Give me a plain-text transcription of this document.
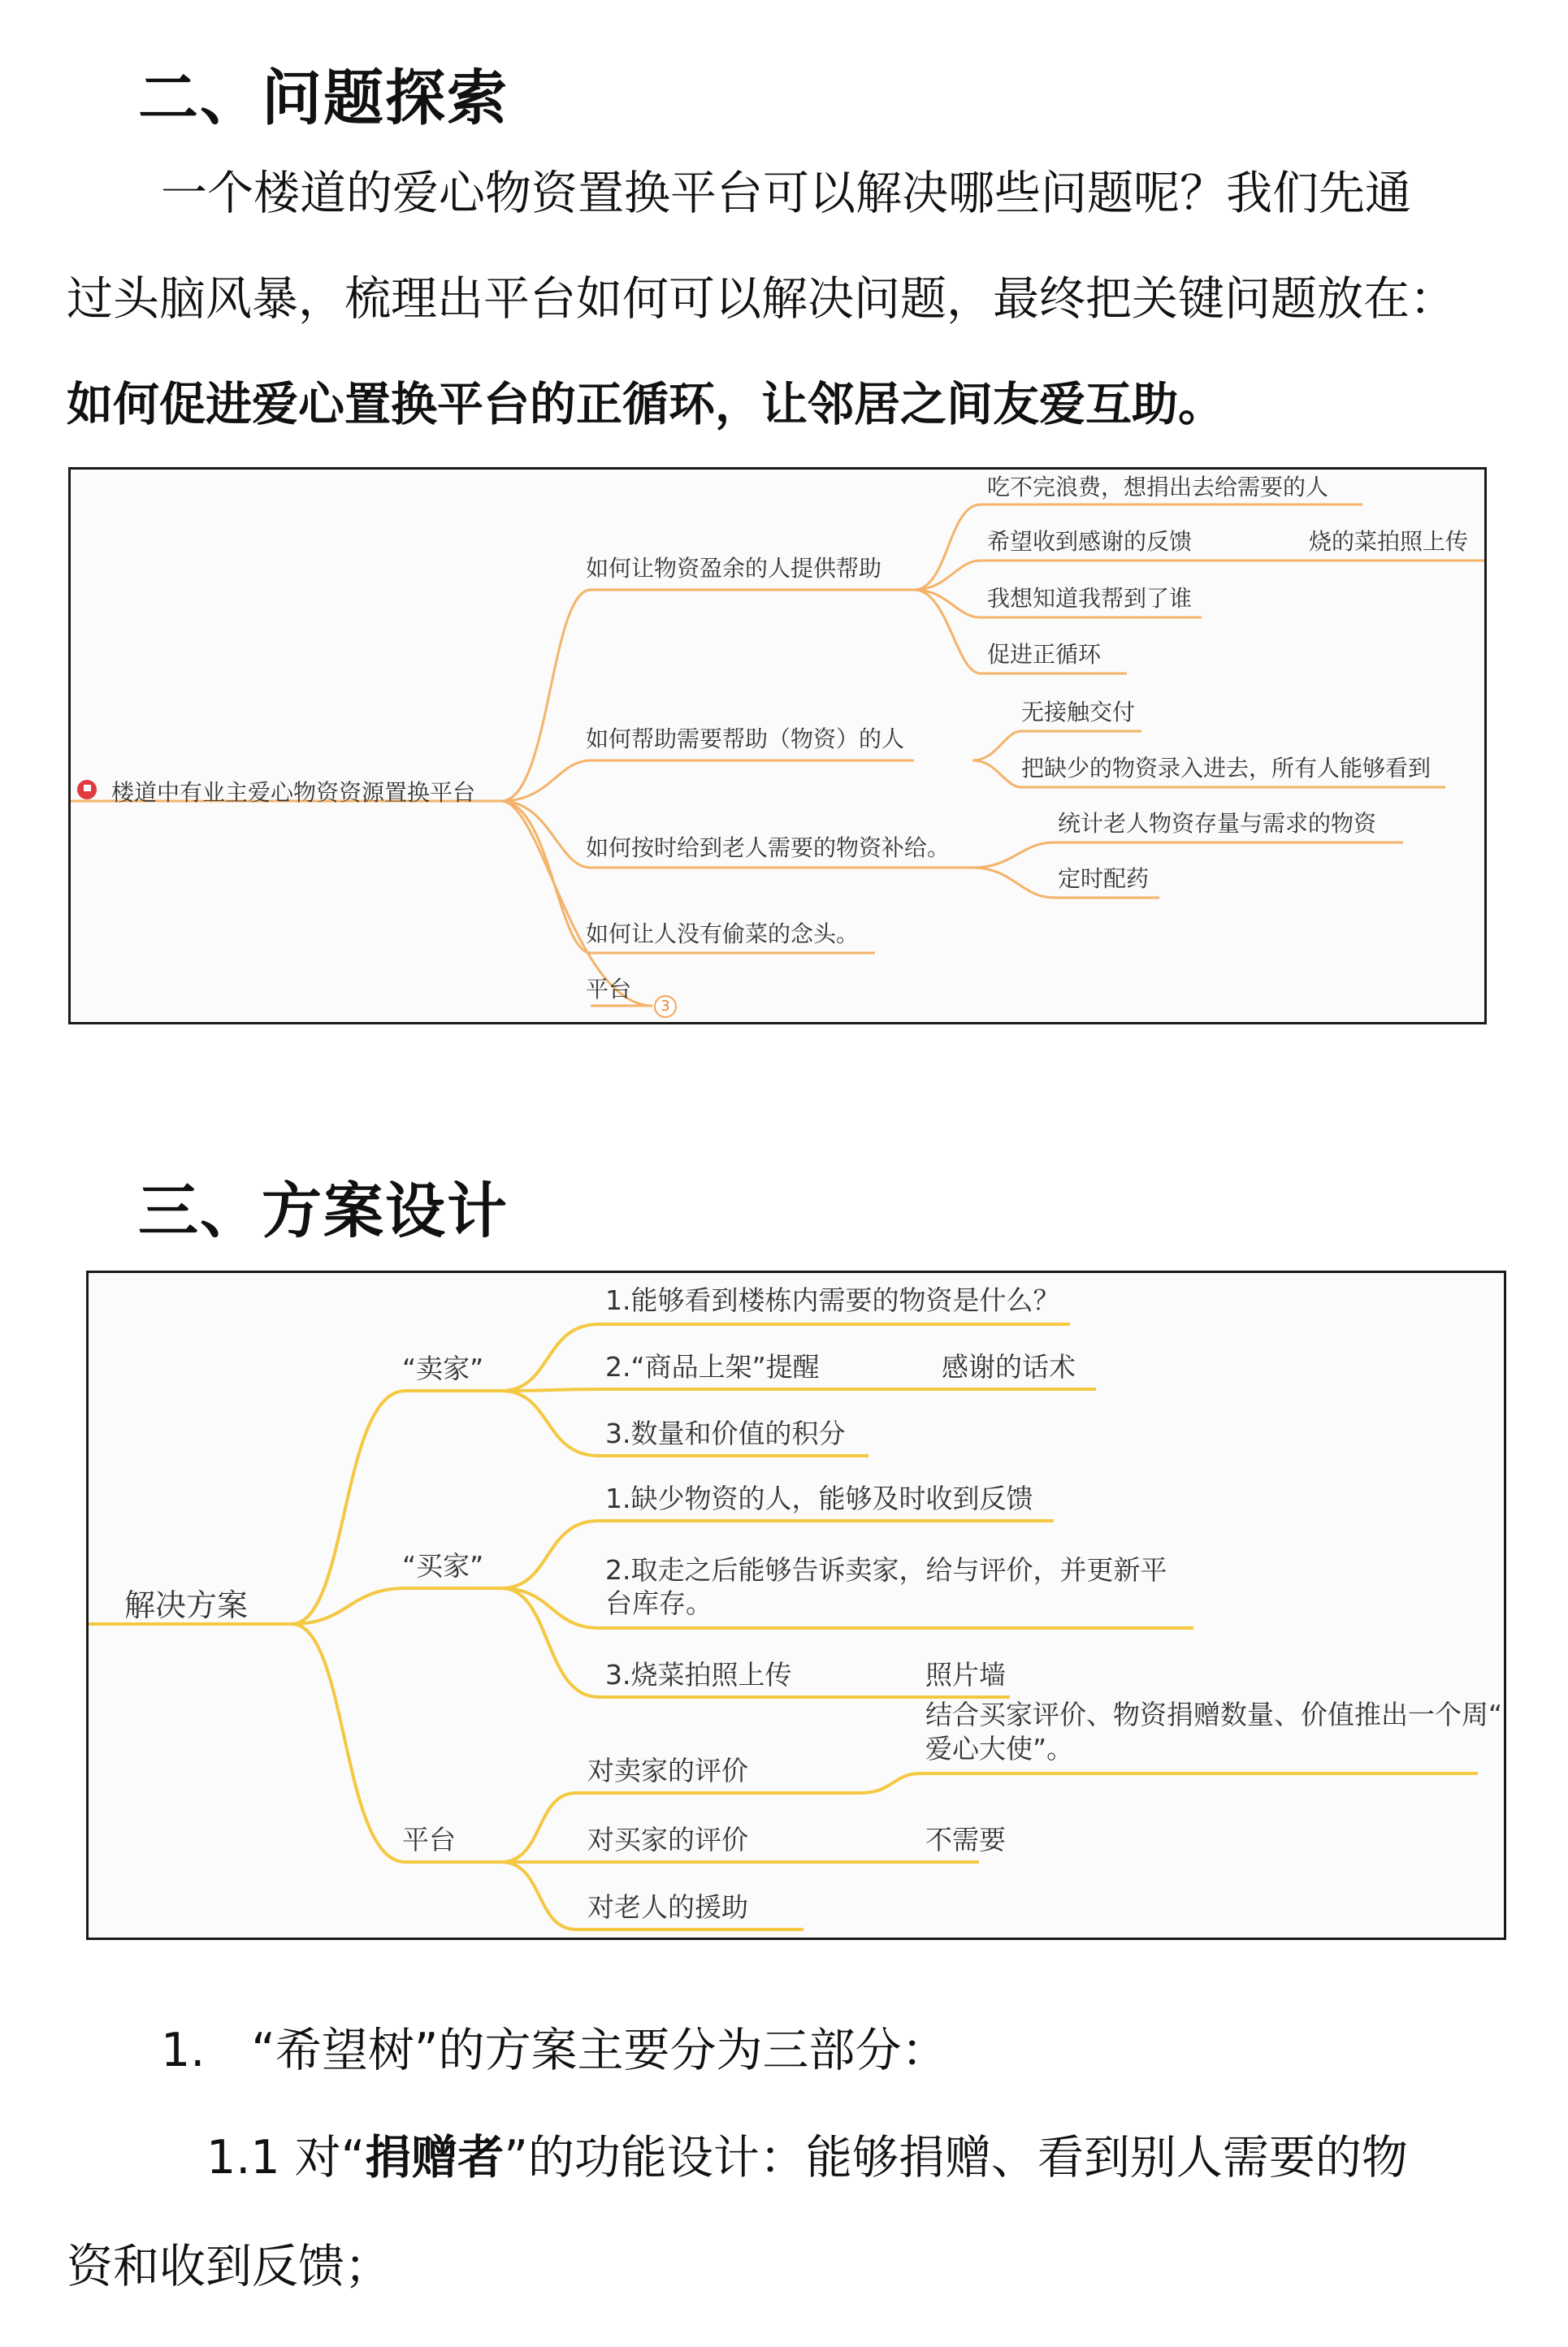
二、问题探索
一个楼道的爱心物资置换平台可以解决哪些问题呢？我们先通
过头脑风暴，梳理出平台如何可以解决问题，最终把关键问题放在：
如何促进爱心置换平台的正循环，让邻居之间友爱互助。
楼道中有业主爱心物资资源置换平台
如何让物资盈余的人提供帮助
吃不完浪费，想捐出去给需要的人
希望收到感谢的反馈	烧的菜拍照上传
我想知道我帮到了谁
促进正循环
如何帮助需要帮助（物资）的人
无接触交付
把缺少的物资录入进去，所有人能够看到
如何按时给到老人需要的物资补给。
统计老人物资存量与需求的物资
定时配药
如何让人没有偷菜的念头。
平台
3
三、方案设计
解决方案
“卖家”
1.能够看到楼栋内需要的物资是什么？
2.“商品上架”提醒	感谢的话术
3.数量和价值的积分
“买家”
1.缺少物资的人，能够及时收到反馈
2.取走之后能够告诉卖家，给与评价，并更新平
台库存。
3.烧菜拍照上传	照片墙
平台
对卖家的评价
结合买家评价、物资捐赠数量、价值推出一个周“
爱心大使”。
对买家的评价	不需要
对老人的援助
1.　“希望树”的方案主要分为三部分：
1.1 对“捐赠者”的功能设计：能够捐赠、看到别人需要的物
资和收到反馈；
